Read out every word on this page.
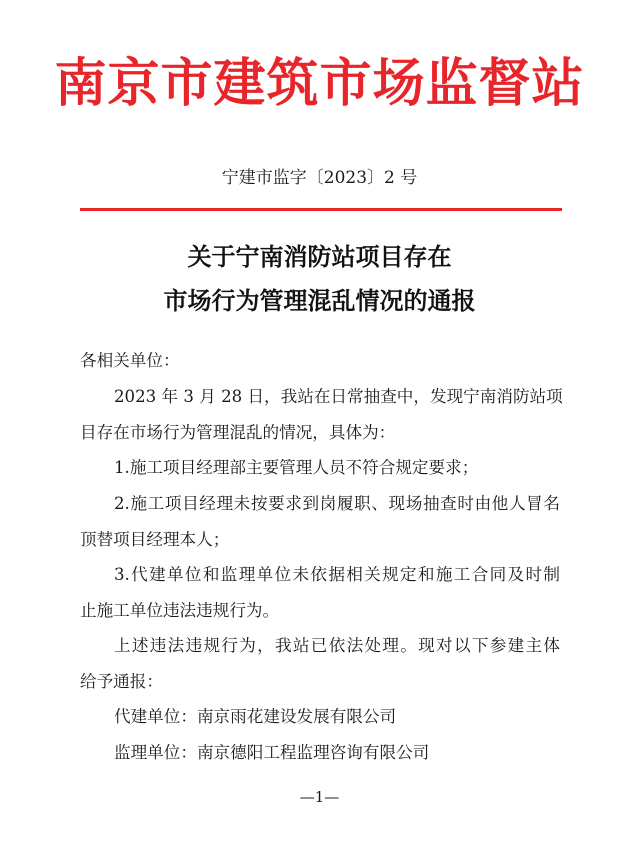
南京市建筑市场监督站
宁建市监字〔2023〕2 号
关于宁南消防站项目存在
市场行为管理混乱情况的通报
各相关单位：
2023 年 3 月 28 日，我站在日常抽查中，发现宁南消防站项
目存在市场行为管理混乱的情况，具体为：
1.施工项目经理部主要管理人员不符合规定要求；
2.施工项目经理未按要求到岗履职、现场抽查时由他人冒名
顶替项目经理本人；
3.代建单位和监理单位未依据相关规定和施工合同及时制
止施工单位违法违规行为。
上述违法违规行为，我站已依法处理。现对以下参建主体
给予通报：
代建单位：南京雨花建设发展有限公司
监理单位：南京德阳工程监理咨询有限公司
—1—
